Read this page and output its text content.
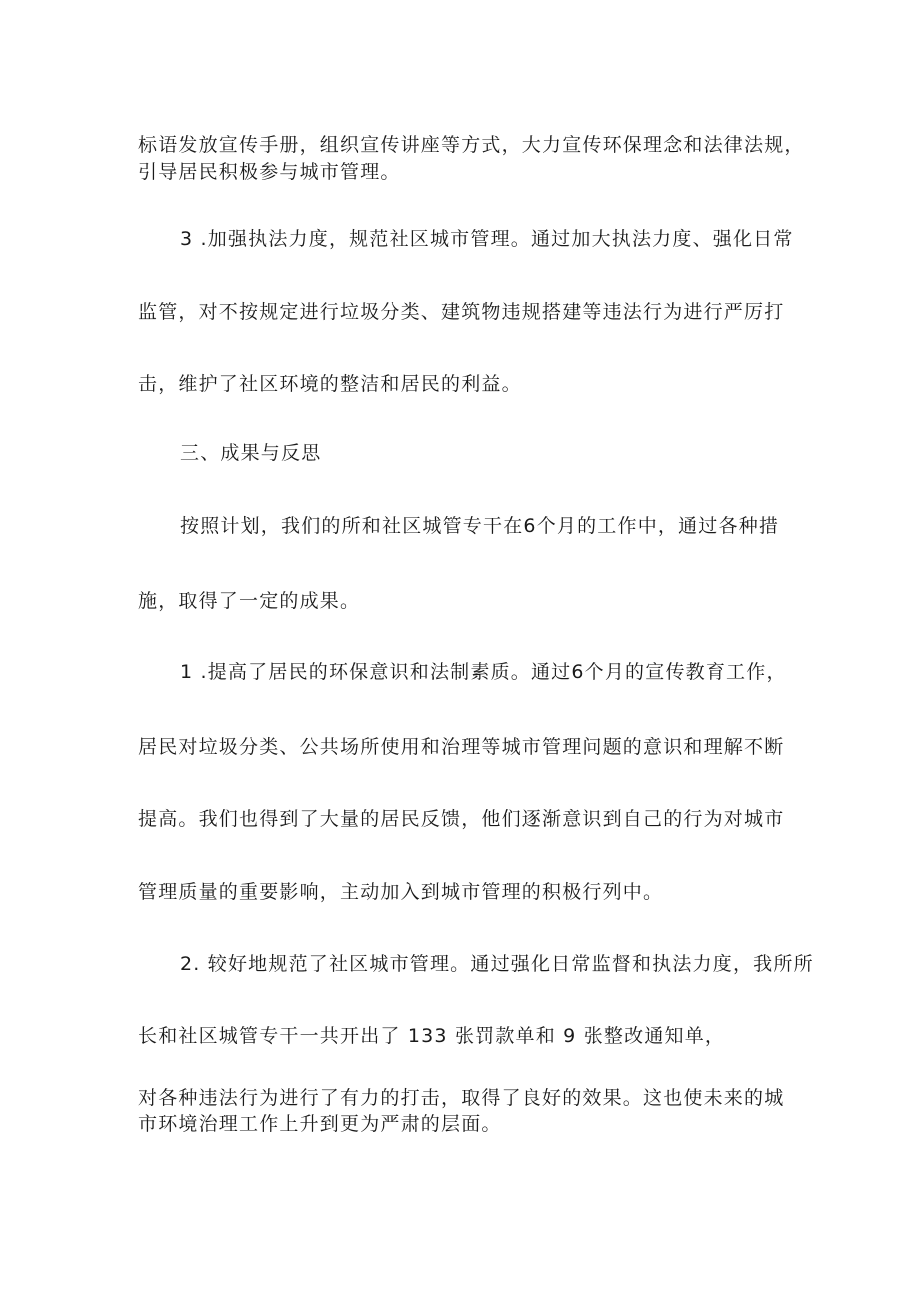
标语发放宣传手册，组织宣传讲座等方式，大力宣传环保理念和法律法规，
引导居民积极参与城市管理。
3 .加强执法力度，规范社区城市管理。通过加大执法力度、强化日常
监管，对不按规定进行垃圾分类、建筑物违规搭建等违法行为进行严厉打
击，维护了社区环境的整洁和居民的利益。
三、成果与反思
按照计划，我们的所和社区城管专干在6个月的工作中，通过各种措
施，取得了一定的成果。
1 .提高了居民的环保意识和法制素质。通过6个月的宣传教育工作，
居民对垃圾分类、公共场所使用和治理等城市管理问题的意识和理解不断
提高。我们也得到了大量的居民反馈，他们逐渐意识到自己的行为对城市
管理质量的重要影响，主动加入到城市管理的积极行列中。
2. 较好地规范了社区城市管理。通过强化日常监督和执法力度，我所所
长和社区城管专干一共开出了 133 张罚款单和 9 张整改通知单，
对各种违法行为进行了有力的打击，取得了良好的效果。这也使未来的城
市环境治理工作上升到更为严肃的层面。
